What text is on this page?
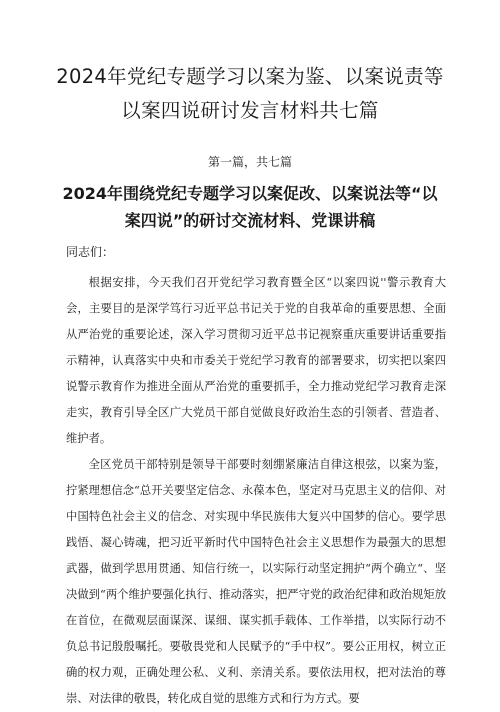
2024年党纪专题学习以案为鉴、以案说责等以案四说研讨发言材料共七篇
第一篇，共七篇
2024年围绕党纪专题学习以案促改、以案说法等“以案四说”的研讨交流材料、党课讲稿
同志们：

根据安排，今天我们召开党纪学习教育暨全区“以案四说''警示教育大会，主要目的是深学笃行习近平总书记关于党的自我革命的重要思想、全面从严治党的重要论述，深入学习贯彻习近平总书记视察重庆重要讲话重要指示精神，认真落实中央和市委关于党纪学习教育的部署要求，切实把以案四说警示教育作为推进全面从严治党的重要抓手，全力推动党纪学习教育走深走实，教育引导全区广大党员干部自觉做良好政治生态的引领者、营造者、维护者。

全区党员干部特别是领导干部要时刻绷紧廉洁自律这根弦，以案为鉴，拧紧理想信念“总开关要坚定信念、永葆本色，坚定对马克思主义的信仰、对中国特色社会主义的信念、对实现中华民族伟大复兴中国梦的信心。要学思践悟、凝心铸魂，把习近平新时代中国特色社会主义思想作为最强大的思想武器，做到学思用贯通、知信行统一，以实际行动坚定拥护“两个确立“、坚决做到“两个维护要强化执行、推动落实，把严守党的政治纪律和政治规矩放在首位，在微观层面谋深、谋细、谋实抓手载体、工作举措，以实际行动不负总书记殷殷嘱托。要敬畏党和人民赋予的“手中权”。要公正用权，树立正确的权力观，正确处理公私、义利、亲清关系。要依法用权，把对法治的尊崇、对法律的敬畏，转化成自觉的思维方式和行为方式。要
